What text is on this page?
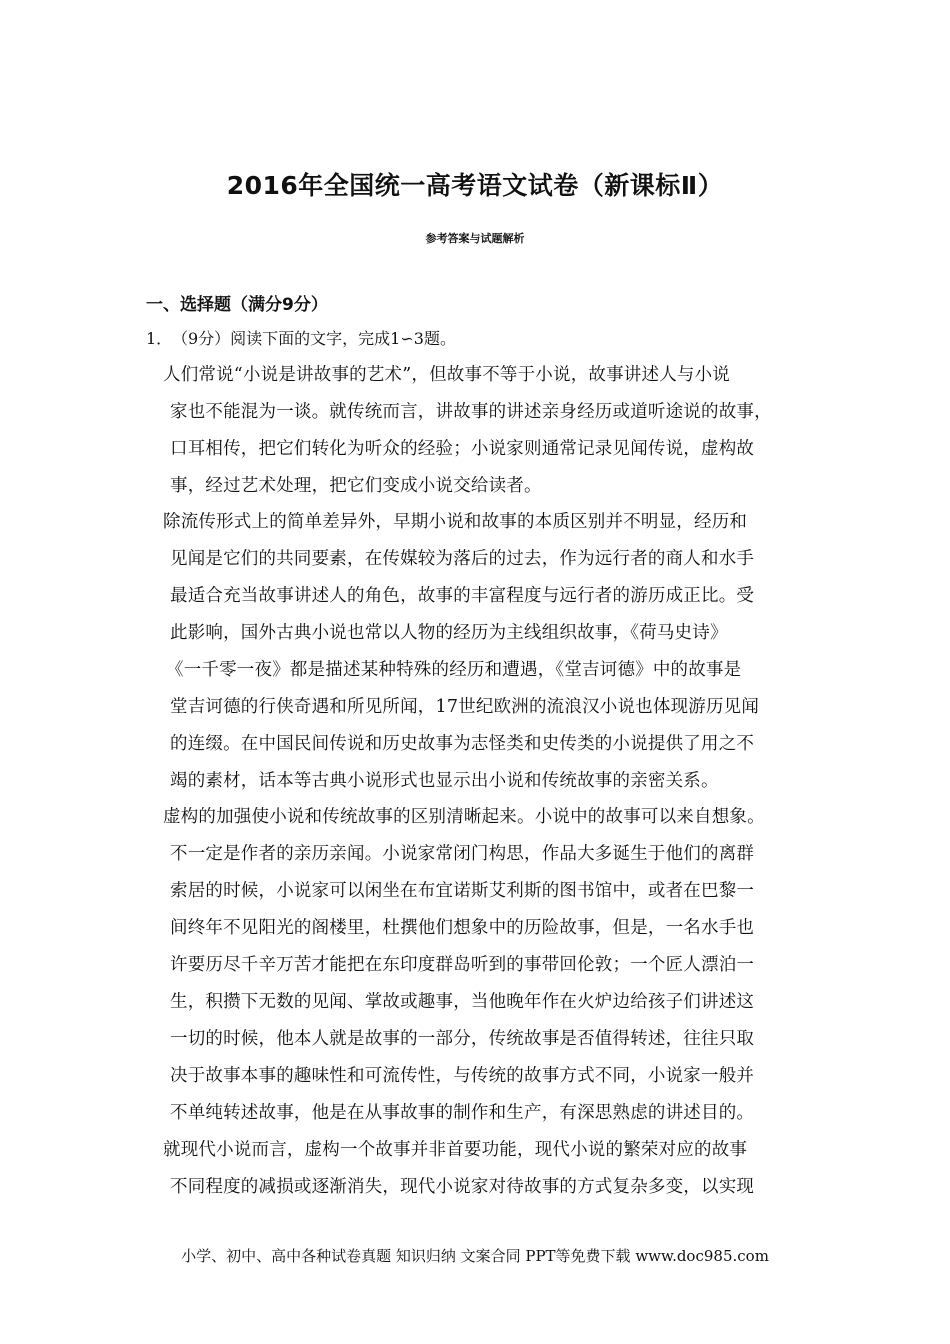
2016年全国统一高考语文试卷（新课标Ⅱ）
参考答案与试题解析
一、选择题（满分9分）
1．（9分）阅读下面的文字，完成1∽3题。
人们常说“小说是讲故事的艺术”，但故事不等于小说，故事讲述人与小说
家也不能混为一谈。就传统而言，讲故事的讲述亲身经历或道听途说的故事，
口耳相传，把它们转化为听众的经验；小说家则通常记录见闻传说，虚构故
事，经过艺术处理，把它们变成小说交给读者。
除流传形式上的简单差异外，早期小说和故事的本质区别并不明显，经历和
见闻是它们的共同要素，在传媒较为落后的过去，作为远行者的商人和水手
最适合充当故事讲述人的角色，故事的丰富程度与远行者的游历成正比。受
此影响，国外古典小说也常以人物的经历为主线组织故事，《荷马史诗》
《一千零一夜》都是描述某种特殊的经历和遭遇，《堂吉诃德》中的故事是
堂吉诃德的行侠奇遇和所见所闻，17世纪欧洲的流浪汉小说也体现游历见闻
的连缀。在中国民间传说和历史故事为志怪类和史传类的小说提供了用之不
竭的素材，话本等古典小说形式也显示出小说和传统故事的亲密关系。
虚构的加强使小说和传统故事的区别清晰起来。小说中的故事可以来自想象。
不一定是作者的亲历亲闻。小说家常闭门构思，作品大多诞生于他们的离群
索居的时候，小说家可以闲坐在布宜诺斯艾利斯的图书馆中，或者在巴黎一
间终年不见阳光的阁楼里，杜撰他们想象中的历险故事，但是，一名水手也
许要历尽千辛万苦才能把在东印度群岛听到的事带回伦敦；一个匠人漂泊一
生，积攒下无数的见闻、掌故或趣事，当他晚年作在火炉边给孩子们讲述这
一切的时候，他本人就是故事的一部分，传统故事是否值得转述，往往只取
决于故事本事的趣味性和可流传性，与传统的故事方式不同，小说家一般并
不单纯转述故事，他是在从事故事的制作和生产，有深思熟虑的讲述目的。
就现代小说而言，虚构一个故事并非首要功能，现代小说的繁荣对应的故事
不同程度的减损或逐渐消失，现代小说家对待故事的方式复杂多变，以实现
小学、初中、高中各种试卷真题 知识归纳 文案合同 PPT等免费下载 www.doc985.com
